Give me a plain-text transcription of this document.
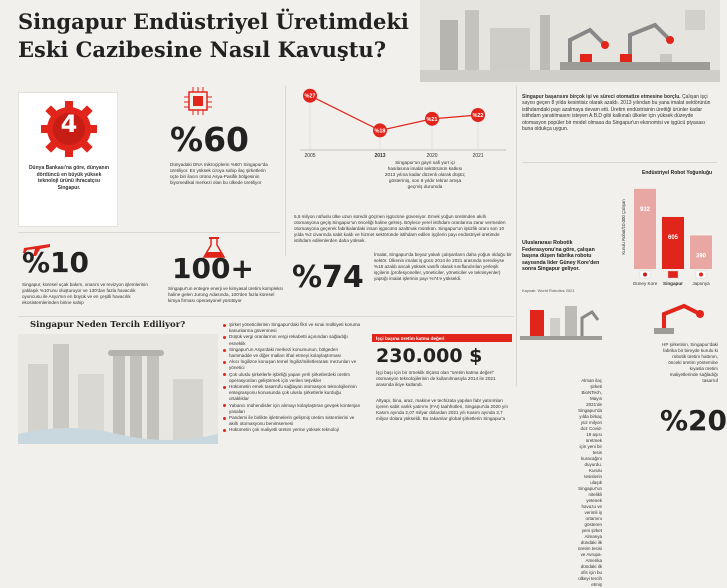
Singapur Endüstriyel Üretimdeki
Eski Cazibesine Nasıl Kavuştu?
4
Dünya Bankası'na göre, dünyanın dördüncü en büyük yüksek teknoloji ürünü ihracatçısı Singapur.
%60
Dünyadaki DNA mikroçiplerin %60'ı Singapur'da üretiliyor. En yüksek ciroya sahip ilaç şirketlerin üçte biri ilacın ürünü Asya-Pasifik bölgesinin biyomedikal merkezi olan bu ülkede üretiliyor
%27
2005
%18
2013
%21
2020
%22
2021
Singapur'un gayri safi yurt içi hasılasına imalat sektörünün katkısı 2013 yılına kadar düzenli olarak düştü; göstermiş, son 8 yıldır tekrar artışa geçmiş durumda
5,5 milyon nüfuslu ülke uzun süredir göçmen işgücüne güveniyor. Emek yoğun üretimden akıllı otomasyona geçiş Singapur'un önceliği haline gelmiş. Böylece yerel istihdam oranlarına zarar vermeden otomasyona geçerek fabrikalardaki insan işgücünü azaltmak mümkün. Singapur'un işsizlik oranı son 10 yılda %2 civarında sabit kaldı ve hizmet sektöründe istihdam edilen işçilerin payı endüstriyel üretimde istihdam edilenlerden daha yüksek.
Singapur başarısını birçok işi ve süreci otomatize etmesine borçlu. Çalışan işçi sayısı geçen 8 yılda kesintisiz olarak azaldı. 2013 yılından bu yana imalat sektörünün istihdamdaki payı azalmaya devam etti. Üretim endüstrisinin ürettiği ürünler kadar istihdam yaratılmasını isteyen A.B.D gibi kalkınalı ülkeler için yüksek düzeyde otomasyon popüler bir model olmasa da Singapur'un ekonomisi ve işgücü piyasası buna oldukça uygun.
Endüstriyel Robot Yoğunluğu
Kurulu Robot/10.000 Çalışan 932
Güney Kore
605
Singapur
390
Japonya
Uluslararası Robotik Federasyonu'na göre, çalışan başına düşen fabrika robotu sayısında lider Güney Kore'den sonra Singapur geliyor.
Kaynak: World Robotics 2021
%10
Singapur, küresel uçak bakım, onarım ve revizyon işlemlerinin yaklaşık %10'unu oluşturuyor ve 130'dan fazla havacılık oyuncusu ile Asya'nın en büyük ve en çeşitli havacılık ekosistemlerinden birine sahip
100+
Singapur'un entegre enerji ve kimyasal üretim kompleksi haline gelen Jurong Adasında, 100'den fazla küresel kimya firması operasyonel yürütüyor
%74
İmalat, Singapur'da beyaz yakalı çalışanların daha yoğun olduğu bir sektör. Ülkenin imalat iş gücü 2014 ile 2021 arasında neredeyse %18 azaldı ancak yüksek vasıflı olarak sınıflandırılan yerleşik işçilerin (profesyoneller, yöneticiler, yöneticiler ve teknisyenler) yaptığı imalat işlerinin payı %74'e yükseldi.
Singapur Neden Tercih Ediliyor?	Şirket yöneticilerinin Singapur'daki fikri ve sınai mülkiyeti koruma kanunlarına güvenmesi
Düşük vergi oranlarının vergi rekabetti açısından sağladığı esneklik
Singapur'un Asya'daki merkezi konumunun, bölgeden hammadde ve diğer malları ithal etmeyi kolaylaştırması
Akıcı İngilizce konuşan temel İngiliz/milletlerarası mezunları ve yönetici
Çok uluslu şirketlerle işbirliği yapan yerli şirketlerdeki üretim operasyonları geliştirmek için verilen teşvikler
Hükümetin emek tasarrufu sağlayan otomasyon teknolojilerinin entegrasyonu konusunda çok uluslu şirketlerle kurduğu ortaklıklar
Yabancı mühendisler için alımayı kolaylaştıran gevşek kontenjan yasaları
Pandemi ile birlikte işletmelerin gelişmiş üretim sistemlerini ve akıllı otomasyonu benimsemesi
Hükümetin çok maliyetli üretim yerine yüksek teknoloji
İşçi başına üretim katma değeri
230.000 $
İşçi başı için bir örneklik ölçüsü olan "üretim katma değeri" otomasyon teknolojilerinin de kullanılmasıyla 2014 ile 2021 arasında ikiye katlandı.
Altyapı, bina, araz, makine ve techizata yapılan fabr yatırımları içeren sabit varlık yatırımı (FAI) taahhütleri, Singapur'da 2020 yılı Kasım ayında 2,07 milyar dolardan 2021 yılı Kasım ayında 3,7 milyar dolara yükseldi. Bu rakamlar global şirketlerin Singapur'a
Alman ilaç şirketi BioNTech, Mayıs 2021'de Singapur'da yılda birkaç yüz milyon doz Covid-19 aşısı üretmek için yeni bir tesis kuracağını duyurdu. Kurulu tesislerin ulaşık Singapur'un nitelikli yetenek havuzu ve verimli iş ortamını gösteren yeni şirket Almanya dündaki ilk üretim tesisi ve Avrupa-Amerika dündaki ilk ofis için bu ülkeyi tercih etmiş
HP şirketinin, Singapur'daki fabrika bir bireyde kurulu ki robotik üretim hattının, önceki üretim yöntemine kıyasla üretim maliyetlerinde sağladığı tasarruf
%20
